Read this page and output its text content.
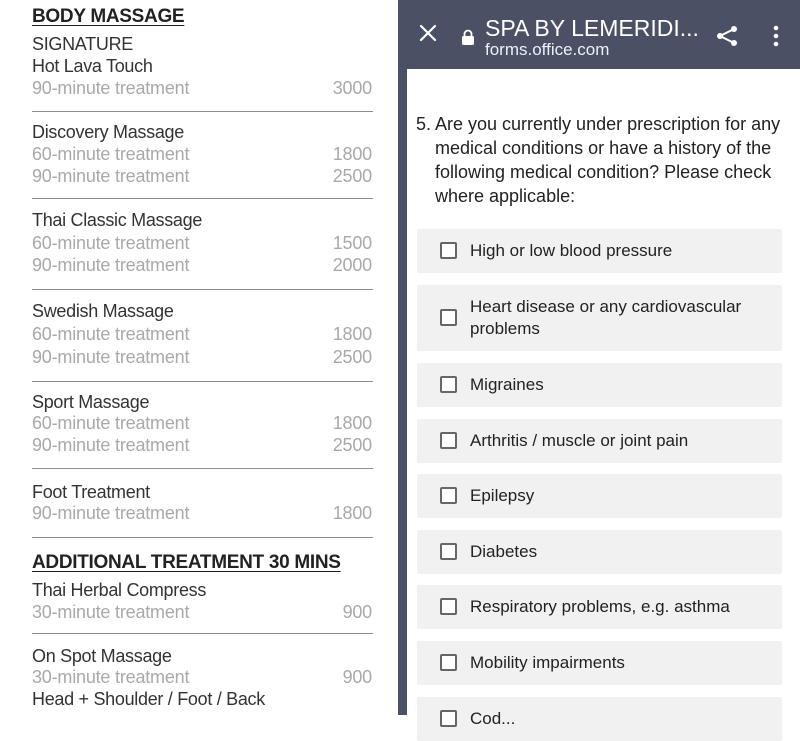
BODY MASSAGE
SIGNATURE
Hot Lava Touch
90-minute treatment	3000
Discovery Massage
60-minute treatment	1800
90-minute treatment	2500
Thai Classic Massage
60-minute treatment	1500
90-minute treatment	2000
Swedish Massage
60-minute treatment	1800
90-minute treatment	2500
Sport Massage
60-minute treatment	1800
90-minute treatment	2500
Foot Treatment
90-minute treatment	1800
ADDITIONAL TREATMENT 30 MINS
Thai Herbal Compress
30-minute treatment	900
On Spot Massage
30-minute treatment	900
Head + Shoulder / Foot / Back
SPA BY LEMERIDI...
forms.office.com
5. Are you currently under prescription for any medical conditions or have a history of the following medical condition? Please check where applicable:
High or low blood pressure
Heart disease or any cardiovascular problems
Migraines
Arthritis / muscle or joint pain
Epilepsy
Diabetes
Respiratory problems, e.g. asthma
Mobility impairments
Cod...
